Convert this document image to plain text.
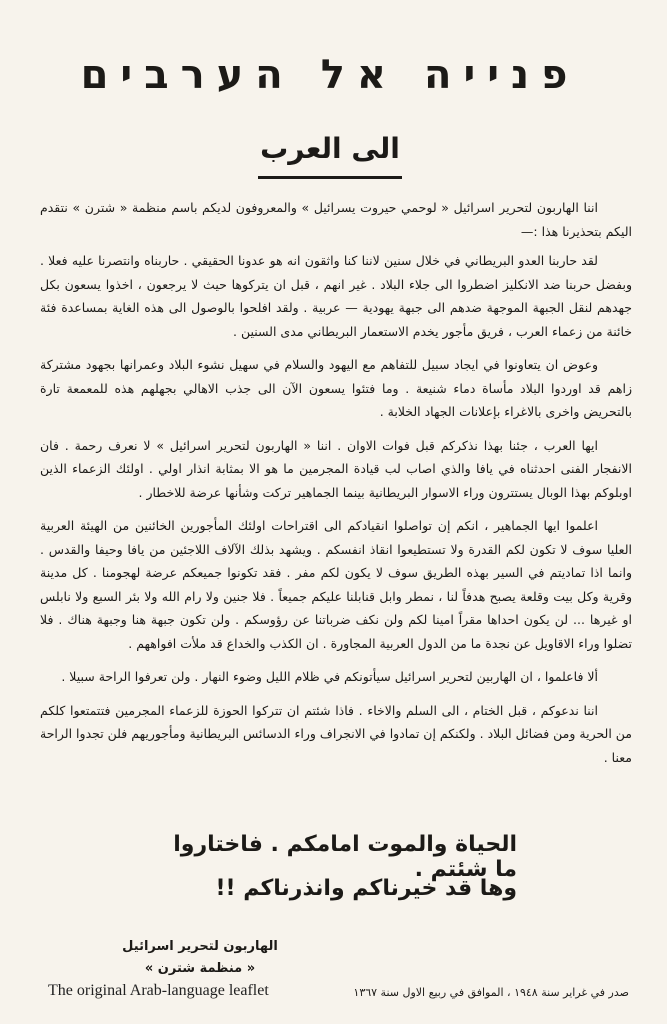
פנייה אל הערבים
الى العرب

اننا الهاربون لتحرير اسرائيل « لوحمي حيروت يسرائيل » والمعروفون لديكم باسم منظمة « شترن » نتقدم اليكم بتحذيرنا هذا :—

لقد حاربنا العدو البريطاني في خلال سنين لاننا كنا واثقون انه هو عدونا الحقيقي . حاربناه وانتصرنا عليه فعلا . وبفضل حربنا ضد الانكليز اضطروا الى جلاء البلاد . غير انهم ، قبل ان يتركوها حيث لا يرجعون ، اخذوا يسعون بكل جهدهم لنقل الجبهة الموجهة ضدهم الى جبهة يهودية — عربية . ولقد افلحوا بالوصول الى هذه الغاية بمساعدة فئة خائنة من زعماء العرب ، فريق مأجور يخدم الاستعمار البريطاني مدى السنين .

وعوض ان يتعاونوا في ايجاد سبيل للتفاهم مع اليهود والسلام في سهيل نشوء البلاد وعمرانها بجهود مشتركة زاهم قد اوردوا البلاد مأساة دماء شنيعة . وما فتئوا يسعون الآن الى جذب الاهالي بجهلهم هذه للمعمعة تارة بالتحريض واخرى بالاغراء بإعلانات الجهاد الخلابة .

ايها العرب ، جئنا بهذا نذكركم قبل فوات الاوان . اننا « الهاربون لتحرير اسرائيل » لا نعرف رحمة . فان الانفجار الفنى احدثناه في يافا والذي اصاب لب قيادة المجرمين ما هو الا بمثابة انذار اولي . اولئك الزعماء الذين اوبلوكم بهذا الوبال يستترون وراء الاسوار البريطانية بينما الجماهير تركت وشأنها عرضة للاخطار .

اعلموا ايها الجماهير ، انكم إن تواصلوا انقيادكم الى اقتراحات اولئك المأجورين الخائنين من الهيئة العربية العليا سوف لا تكون لكم القدرة ولا تستطيعوا انقاذ انفسكم . ويشهد بذلك الآلاف اللاجئين من يافا وحيفا والقدس . وانما اذا تماديتم في السير بهذه الطريق سوف لا يكون لكم مفر . فقد تكونوا جميعكم عرضة لهجومنا . كل مدينة وقرية وكل بيت وقلعة يصبح هدفاً لنا ، نمطر وابل قنابلنا عليكم جميعاً . فلا جنين ولا رام الله ولا بئر السبع ولا نابلس او غيرها ... لن يكون احداها مقراً امينا لكم ولن نكف ضرباتنا عن رؤوسكم . ولن تكون جبهة هنا وجبهة هناك . فلا تضلوا وراء الاقاويل عن نجدة ما من الدول العربية المجاورة . ان الكذب والخداع قد ملأت افواههم .

ألا فاعلموا ، ان الهاربين لتحرير اسرائيل سيأتونكم في ظلام الليل وضوء النهار . ولن تعرفوا الراحة سبيلا .

اننا ندعوكم ، قبل الختام ، الى السلم والاخاء . فاذا شئتم ان تتركوا الحوزة للزعماء المجرمين فتتمتعوا كلكم من الحرية ومن فضائل البلاد . ولكنكم إن تمادوا في الانجراف وراء الدسائس البريطانية ومأجوريهم فلن تجدوا الراحة معنا .

الحياة والموت امامكم . فاختاروا ما شئتم .

وها قد خيرناكم وانذرناكم !!

الهاربون لتحرير اسرائيل
« منظمة شترن »
The original Arab-language leaflet	صدر في غراير سنة ١٩٤٨ ، الموافق في ربيع الاول سنة ١٣٦٧
